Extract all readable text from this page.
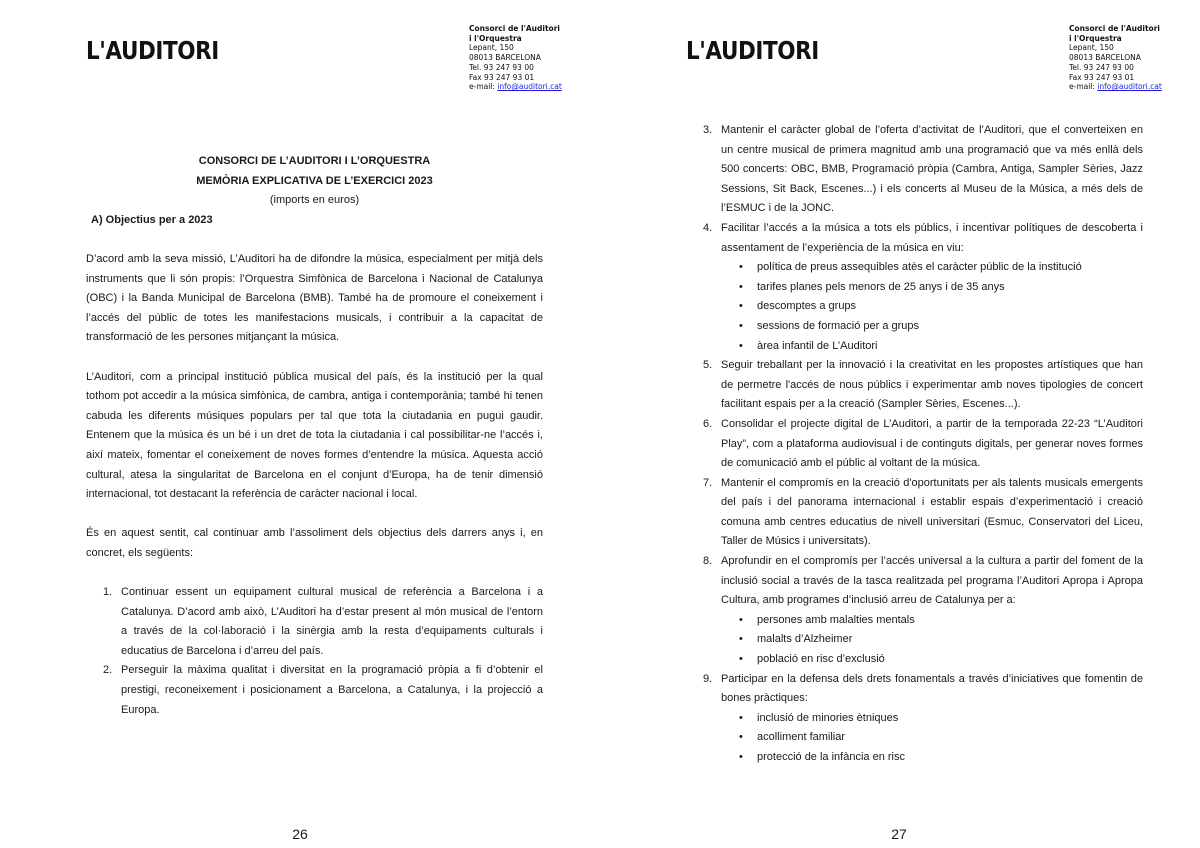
L'AUDITORI
Consorci de l'Auditori
i l'Orquestra
Lepant, 150
08013 BARCELONA
Tel. 93 247 93 00
Fax 93 247 93 01
e-mail: info@auditori.cat
CONSORCI DE L’AUDITORI I L’ORQUESTRA
MEMÒRIA EXPLICATIVA DE L’EXERCICI 2023
(imports en euros)
A) Objectius per a 2023

D’acord amb la seva missió, L’Auditori ha de difondre la música, especialment per mitjà dels instruments que li són propis: l’Orquestra Simfònica de Barcelona i Nacional de Catalunya (OBC) i la Banda Municipal de Barcelona (BMB). També ha de promoure el coneixement i l’accés del públic de totes les manifestacions musicals, i contribuir a la capacitat de transformació de les persones mitjançant la música.

L’Auditori, com a principal institució pública musical del país, és la institució per la qual tothom pot accedir a la música simfònica, de cambra, antiga i contemporània; també hi tenen cabuda les diferents músiques populars per tal que tota la ciutadania en pugui gaudir. Entenem que la música és un bé i un dret de tota la ciutadania i cal possibilitar-ne l’accés i, així mateix, fomentar el coneixement de noves formes d’entendre la música. Aquesta acció cultural, atesa la singularitat de Barcelona en el conjunt d’Europa, ha de tenir dimensió internacional, tot destacant la referència de caràcter nacional i local.

És en aquest sentit, cal continuar amb l’assoliment dels objectius dels darrers anys i, en concret, els següents:

1. Continuar essent un equipament cultural musical de referència a Barcelona i a Catalunya. D’acord amb això, L’Auditori ha d’estar present al món musical de l’entorn a través de la col·laboració i la sinèrgia amb la resta d’equipaments culturals i educatius de Barcelona i d’arreu del país.
2. Perseguir la màxima qualitat i diversitat en la programació pròpia a fi d’obtenir el prestigi, reconeixement i posicionament a Barcelona, a Catalunya, i la projecció a Europa.
26
L'AUDITORI
Consorci de l'Auditori
i l'Orquestra
Lepant, 150
08013 BARCELONA
Tel. 93 247 93 00
Fax 93 247 93 01
e-mail: info@auditori.cat
3. Mantenir el caràcter global de l’oferta d’activitat de l’Auditori, que el converteixen en un centre musical de primera magnitud amb una programació que va més enllà dels 500 concerts: OBC, BMB, Programació pròpia (Cambra, Antiga, Sampler Sèries, Jazz Sessions, Sit Back, Escenes...) i els concerts al Museu de la Música, a més dels de l’ESMUC i de la JONC.
4. Facilitar l’accés a la música a tots els públics, i incentivar polítiques de descoberta i assentament de l’experiència de la música en viu:
• política de preus assequibles atès el caràcter públic de la institució
• tarifes planes pels menors de 25 anys i de 35 anys
• descomptes a grups
• sessions de formació per a grups
• àrea infantil de L’Auditori
5. Seguir treballant per la innovació i la creativitat en les propostes artístiques que han de permetre l'accés de nous públics i experimentar amb noves tipologies de concert facilitant espais per a la creació (Sampler Sèries, Escenes...).
6. Consolidar el projecte digital de L’Auditori, a partir de la temporada 22-23 “L’Auditori Play”, com a plataforma audiovisual i de continguts digitals, per generar noves formes de comunicació amb el públic al voltant de la música.
7. Mantenir el compromís en la creació d'oportunitats per als talents musicals emergents del país i del panorama internacional i establir espais d’experimentació i creació comuna amb centres educatius de nivell universitari (Esmuc, Conservatori del Liceu, Taller de Músics i universitats).
8. Aprofundir en el compromís per l’accés universal a la cultura a partir del foment de la inclusió social a través de la tasca realitzada pel programa l’Auditori Apropa i Apropa Cultura, amb programes d’inclusió arreu de Catalunya per a:
• persones amb malalties mentals
• malalts d’Alzheimer
• població en risc d’exclusió
9. Participar en la defensa dels drets fonamentals a través d’iniciatives que fomentin de bones pràctiques:
• inclusió de minories ètniques
• acolliment familiar
• protecció de la infància en risc
27
